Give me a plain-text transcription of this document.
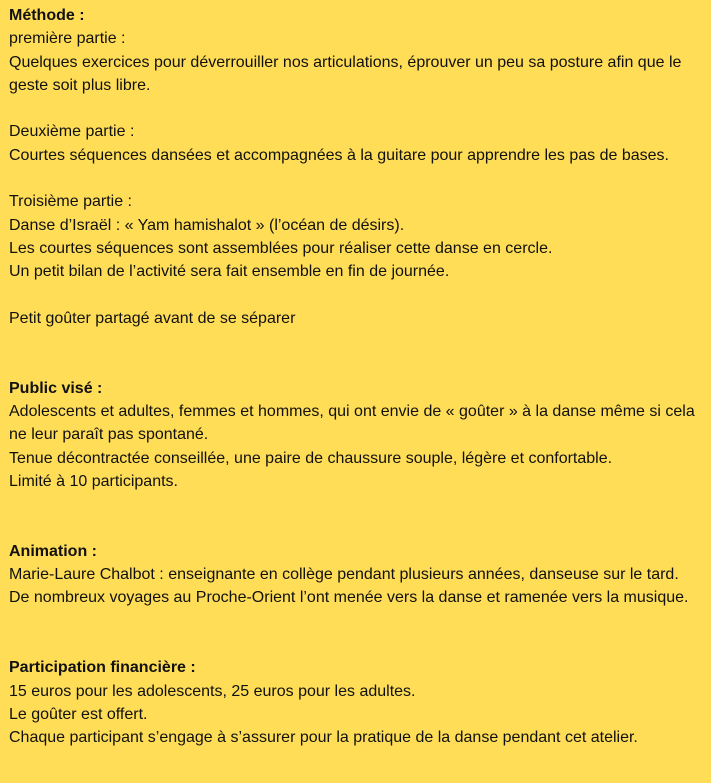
Méthode :

première partie :

Quelques exercices pour déverrouiller nos articulations, éprouver un peu sa posture afin que le geste soit plus libre.

Deuxième partie :

Courtes séquences dansées et accompagnées à la guitare pour apprendre les pas de bases.

Troisième partie :

Danse d’Israël : « Yam hamishalot » (l’océan de désirs).

Les courtes séquences sont assemblées pour réaliser cette danse en cercle.

Un petit bilan de l’activité sera fait ensemble en fin de journée.

Petit goûter partagé avant de se séparer

Public visé :

Adolescents et adultes, femmes et hommes, qui ont envie de « goûter » à la danse même si cela ne leur paraît pas spontané.

Tenue décontractée conseillée, une paire de chaussure souple, légère et confortable.

Limité à 10 participants.

Animation :

Marie-Laure Chalbot : enseignante en collège pendant plusieurs années, danseuse sur le tard. De nombreux voyages au Proche-Orient l’ont menée vers la danse et ramenée vers la musique.

Participation financière :

15 euros pour les adolescents, 25 euros pour les adultes.

Le goûter est offert.

Chaque participant s’engage à s’assurer pour la pratique de la danse pendant cet atelier.
